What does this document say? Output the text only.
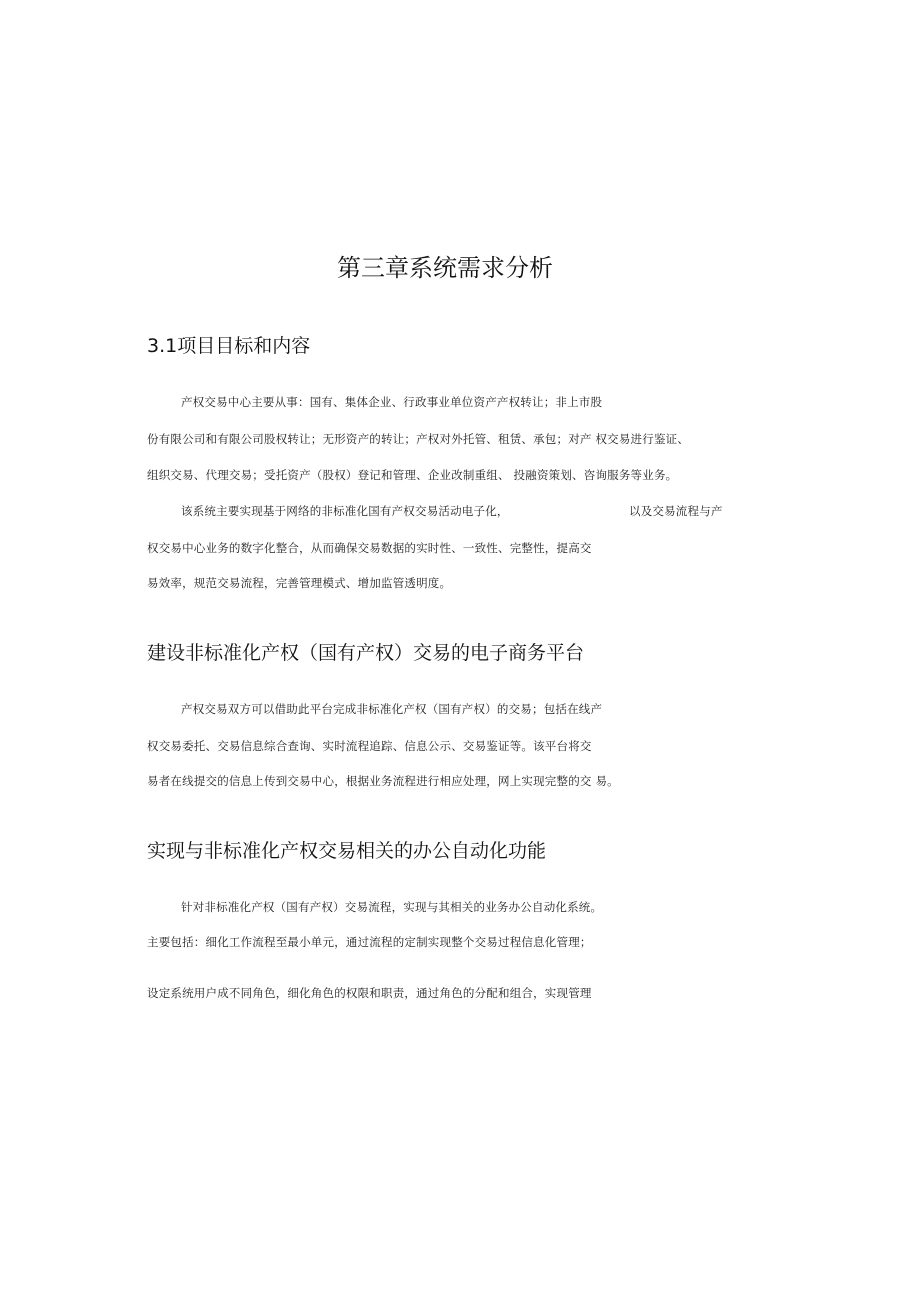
第三章系统需求分析
3.1项目目标和内容
产权交易中心主要从事：国有、集体企业、行政事业单位资产产权转让；非上市股
份有限公司和有限公司股权转让；无形资产的转让；产权对外托管、租赁、承包；对产 权交易进行鉴证、
组织交易、代理交易；受托资产（股权）登记和管理、企业改制重组、 投融资策划、咨询服务等业务。
该系统主要实现基于网络的非标准化国有产权交易活动电子化，	以及交易流程与产
权交易中心业务的数字化整合，从而确保交易数据的实时性、一致性、完整性，提高交
易效率，规范交易流程，完善管理模式、增加监管透明度。
建设非标准化产权（国有产权）交易的电子商务平台
产权交易双方可以借助此平台完成非标准化产权（国有产权）的交易；包括在线产
权交易委托、交易信息综合查询、实时流程追踪、信息公示、交易鉴证等。该平台将交
易者在线提交的信息上传到交易中心，根据业务流程进行相应处理，网上实现完整的交 易。
实现与非标准化产权交易相关的办公自动化功能
针对非标准化产权（国有产权）交易流程，实现与其相关的业务办公自动化系统。
主要包括：细化工作流程至最小单元，通过流程的定制实现整个交易过程信息化管理；
设定系统用户成不同角色，细化角色的权限和职责，通过角色的分配和组合，实现管理
